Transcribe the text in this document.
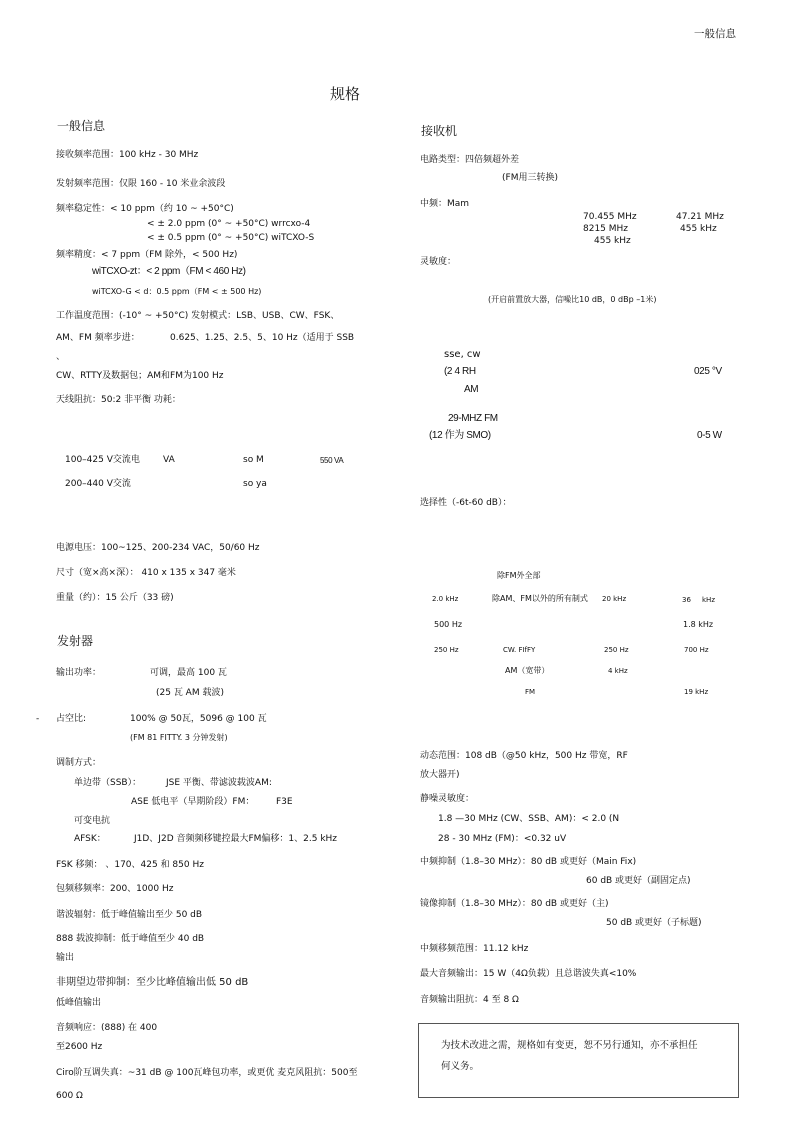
一般信息
规格
一般信息
接收频率范围：100 kHz - 30 MHz
发射频率范围：仅限 160 - 10 米业余波段
频率稳定性：< 10 ppm（约 10 ~ +50°C)
< ± 2.0 ppm (0° ~ +50°C) wrrcxo-4
< ± 0.5 ppm (0° ~ +50°C) wiTCXO-S
频率精度：< 7 ppm（FM 除外，< 500 Hz)
wiTCXO-zt：< 2 ppm（FM < 460 Hz)
wiTCXO-G < d：0.5 ppm（FM < ± 500 Hz)
工作温度范围：(-10° ~ +50°C) 发射模式：LSB、USB、CW、FSK、
AM、FM 频率步进：	0.625、1.25、2.5、5、10 Hz（适用于 SSB
、
CW、RTTY及数据包；AM和FM为100 Hz
天线阻抗：50:2 非平衡 功耗：
100–425 V交流电	VA	so M	550 VA
200–440 V交流	so ya
电源电压：100~125、200-234 VAC，50/60 Hz
尺寸（宽×高×深）： 410 x 135 x 347 毫米
重量（约）：15 公斤（33 磅)
发射器
输出功率：	可调，最高 100 瓦
(25 瓦 AM 载波)
- 占空比:	100% @ 50瓦，5096 @ 100 瓦
(FM 81 FITTY. 3 分钟发射)
调制方式：
单边带（SSB）：	JSE 平衡、带滤波载波AM:
ASE 低电平（早期阶段）FM： F3E
可变电抗
AFSK：	J1D、J2D 音频频移键控最大FM偏移：1、2.5 kHz
FSK 移频： 、170、425 和 850 Hz
包频移频率：200、1000 Hz
谐波辐射：低于峰值输出至少 50 dB
888 载波抑制：低于峰值至少 40 dB
输出
非期望边带抑制：至少比峰值输出低 50 dB
低峰值输出
音频响应：(888) 在 400
至2600 Hz
Ciro阶互调失真：~31 dB @ 100瓦峰包功率，或更优 麦克风阻抗：500至
600 Ω
接收机
电路类型：四倍频超外差
(FM用三转换)
中频：Mam
70.455 MHz	47.21 MHz
8215 MHz	455 kHz
455 kHz
灵敏度：
(开启前置放大器，信噪比10 dB，0 dBp –1米)
sse, cw
(2 4 RH	025 °V
AM
29-MHZ FM
(12 作为 SMO)	0-5 W
选择性（-6t-60 dB）：
除FM外全部
2.0 kHz	除AM、FM以外的所有制式 20 kHz	36 kHz
500 Hz	1.8 kHz
250 Hz	CW. FIfFY	250 Hz	700 Hz
AM（宽带）	4 kHz
FM	19 kHz
动态范围：108 dB（@50 kHz，500 Hz 带宽，RF
放大器开)
静噪灵敏度：
1.8 —30 MHz (CW、SSB、AM)：< 2.0 (N
28 - 30 MHz (FM)：<0.32 uV
中频抑制（1.8–30 MHz）：80 dB 或更好（Main Fix)
60 dB 或更好（副固定点)
镜像抑制（1.8–30 MHz）：80 dB 或更好（主)
50 dB 或更好（子标题)
中频移频范围：11.12 kHz
最大音频输出：15 W（4Ω负载）且总谐波失真<10%
音频输出阻抗：4 至 8 Ω
为技术改进之需，规格如有变更，恕不另行通知，亦不承担任
何义务。
